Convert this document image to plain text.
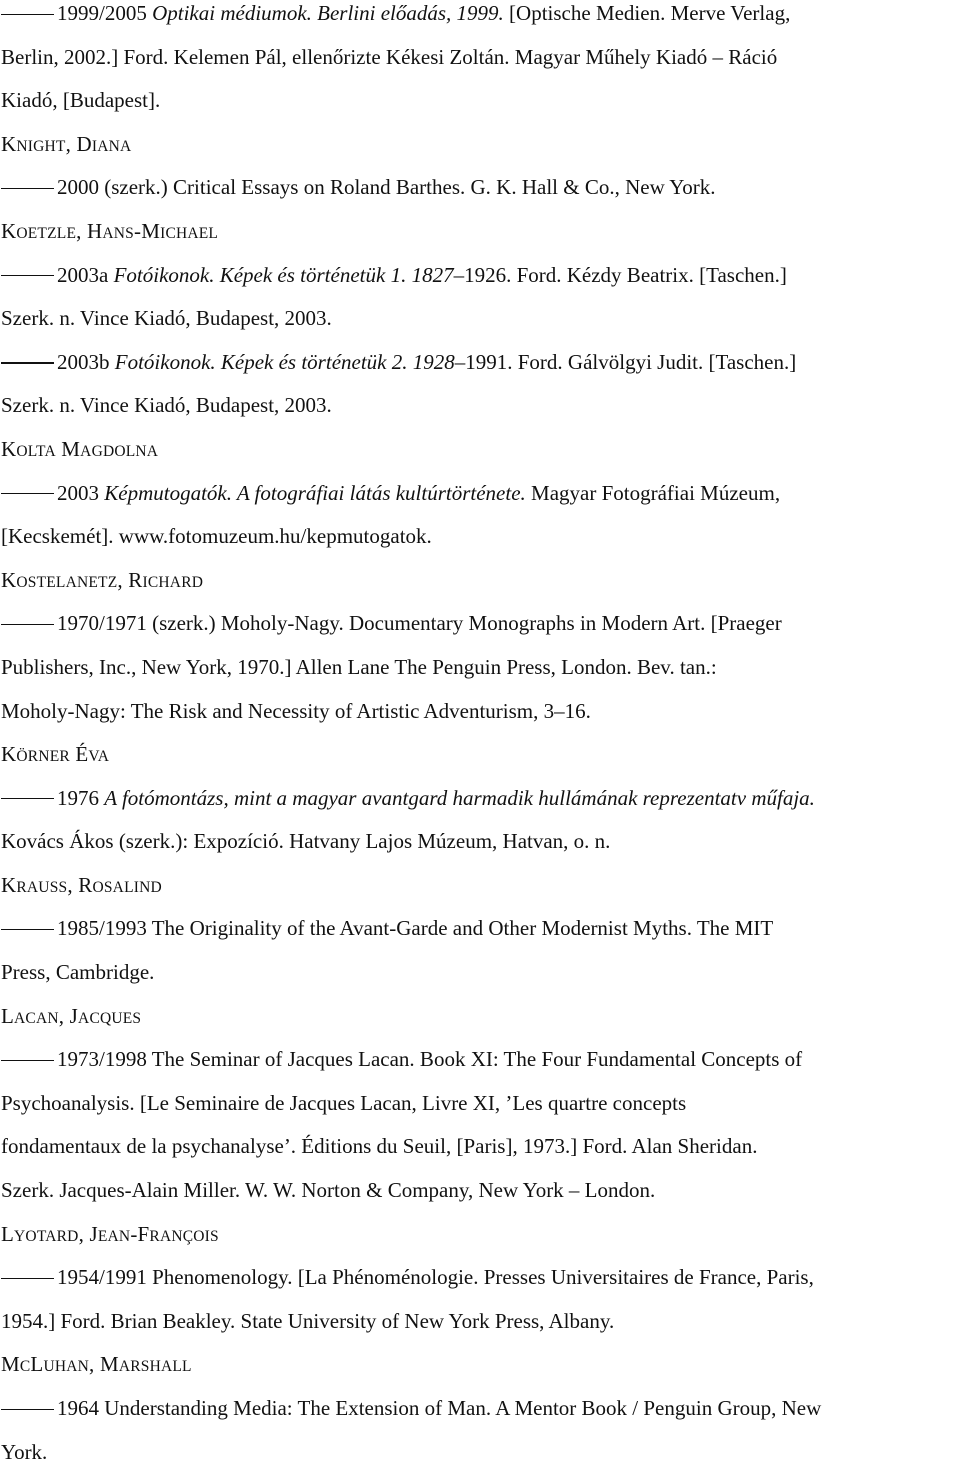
1999/2005 Optikai médiumok. Berlini előadás, 1999. [Optische Medien. Merve Verlag,
Berlin, 2002.] Ford. Kelemen Pál, ellenőrizte Kékesi Zoltán. Magyar Műhely Kiadó – Ráció
Kiadó, [Budapest].
KNIGHT, DIANA
2000 (szerk.) Critical Essays on Roland Barthes. G. K. Hall & Co., New York.
KOETZLE, HANS-MICHAEL
2003a Fotóikonok. Képek és történetük 1. 1827–1926. Ford. Kézdy Beatrix. [Taschen.]
Szerk. n. Vince Kiadó, Budapest, 2003.
2003b Fotóikonok. Képek és történetük 2. 1928–1991. Ford. Gálvölgyi Judit. [Taschen.]
Szerk. n. Vince Kiadó, Budapest, 2003.
KOLTA MAGDOLNA
2003 Képmutogatók. A fotográfiai látás kultúrtörténete. Magyar Fotográfiai Múzeum,
[Kecskemét]. www.fotomuzeum.hu/kepmutogatok.
KOSTELANETZ, RICHARD
1970/1971 (szerk.) Moholy-Nagy. Documentary Monographs in Modern Art. [Praeger
Publishers, Inc., New York, 1970.] Allen Lane The Penguin Press, London. Bev. tan.:
Moholy-Nagy: The Risk and Necessity of Artistic Adventurism, 3–16.
KÖRNER ÉVA
1976 A fotómontázs, mint a magyar avantgard harmadik hullámának reprezentatv műfaja.
Kovács Ákos (szerk.): Expozíció. Hatvany Lajos Múzeum, Hatvan, o. n.
KRAUSS, ROSALIND
1985/1993 The Originality of the Avant-Garde and Other Modernist Myths. The MIT
Press, Cambridge.
LACAN, JACQUES
1973/1998 The Seminar of Jacques Lacan. Book XI: The Four Fundamental Concepts of
Psychoanalysis. [Le Seminaire de Jacques Lacan, Livre XI, ’Les quartre concepts
fondamentaux de la psychanalyse’. Éditions du Seuil, [Paris], 1973.] Ford. Alan Sheridan.
Szerk. Jacques-Alain Miller. W. W. Norton & Company, New York – London.
LYOTARD, JEAN-FRANÇOIS
1954/1991 Phenomenology. [La Phénoménologie. Presses Universitaires de France, Paris,
1954.] Ford. Brian Beakley. State University of New York Press, Albany.
MCLUHAN, MARSHALL
1964 Understanding Media: The Extension of Man. A Mentor Book / Penguin Group, New
York.
